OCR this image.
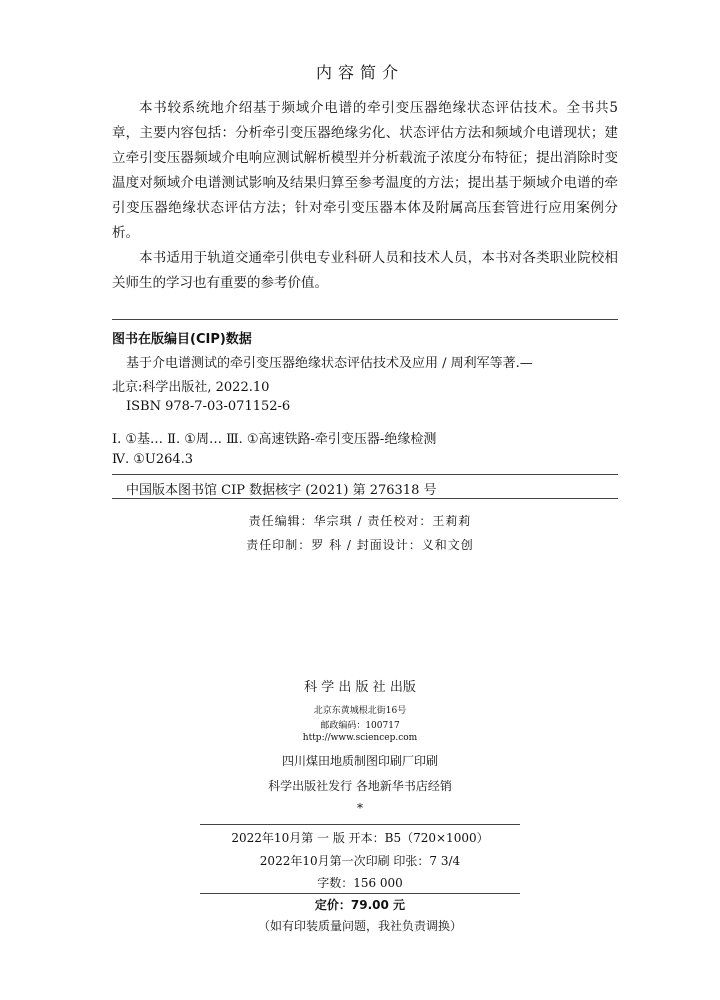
内容简介

本书较系统地介绍基于频域介电谱的牵引变压器绝缘状态评估技术。全书共5章，主要内容包括：分析牵引变压器绝缘劣化、状态评估方法和频域介电谱现状；建立牵引变压器频域介电响应测试解析模型并分析载流子浓度分布特征；提出消除时变温度对频域介电谱测试影响及结果归算至参考温度的方法；提出基于频域介电谱的牵引变压器绝缘状态评估方法；针对牵引变压器本体及附属高压套管进行应用案例分析。

本书适用于轨道交通牵引供电专业科研人员和技术人员，本书对各类职业院校相关师生的学习也有重要的参考价值。

图书在版编目(CIP)数据
基于介电谱测试的牵引变压器绝缘状态评估技术及应用 / 周利军等著.—
北京:科学出版社, 2022.10
ISBN 978-7-03-071152-6
Ⅰ. ①基… Ⅱ. ①周… Ⅲ. ①高速铁路-牵引变压器-绝缘检测
Ⅳ. ①U264.3
中国版本图书馆 CIP 数据核字 (2021) 第 276318 号
责任编辑：华宗琪 / 责任校对：王莉莉
责任印制：罗 科 / 封面设计：义和文创
科 学 出 版 社 出版
北京东黄城根北街16号
邮政编码：100717
http://www.sciencep.com
四川煤田地质制图印刷厂印刷
科学出版社发行 各地新华书店经销
*
2022年10月第 一 版 开本：B5（720×1000）
2022年10月第一次印刷 印张：7 3/4
字数：156 000
定价：79.00 元
（如有印装质量问题，我社负责调换）
